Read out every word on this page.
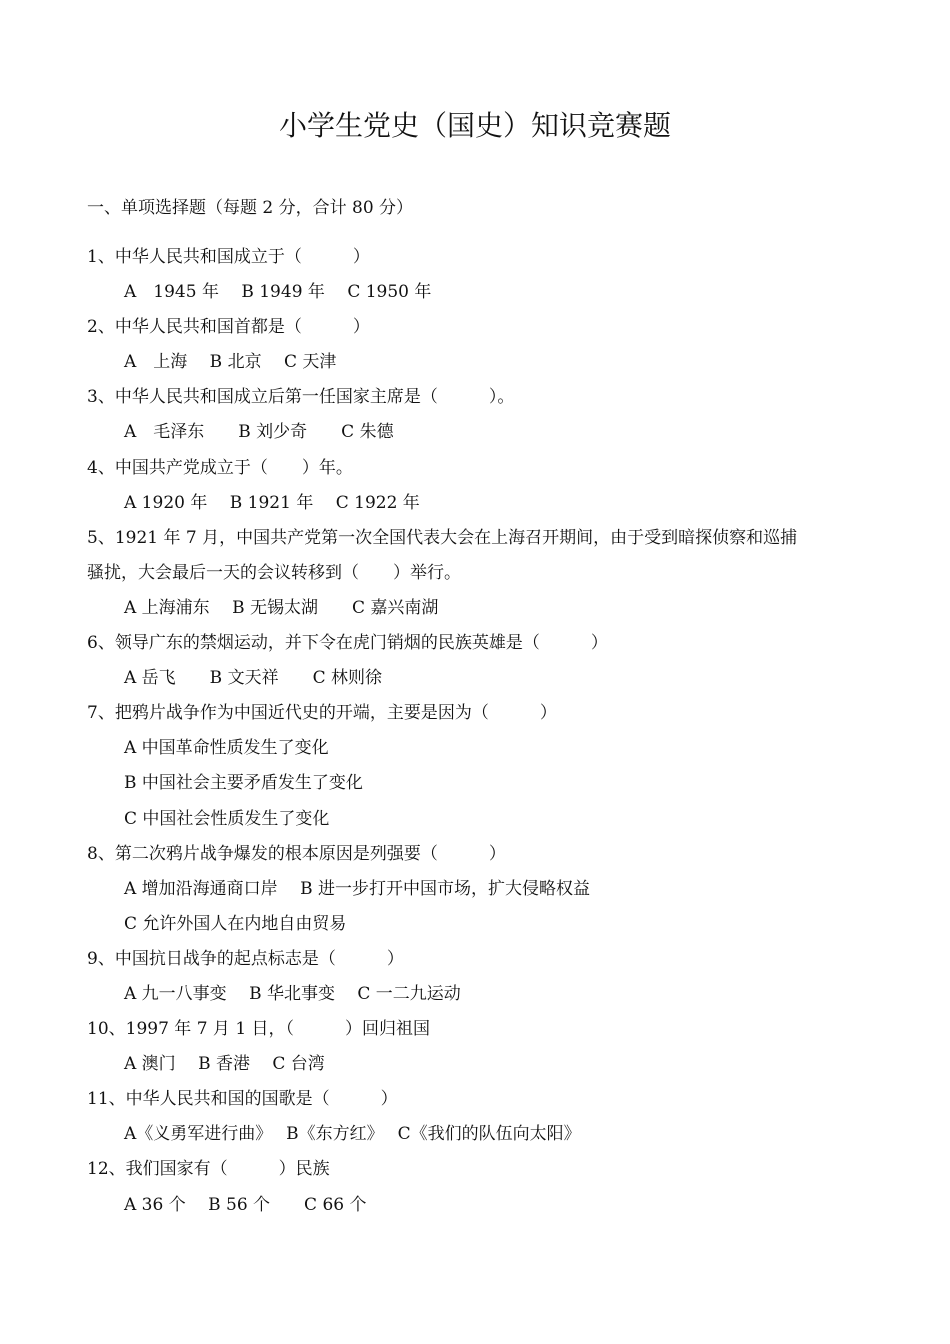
小学生党史（国史）知识竞赛题
一、单项选择题（每题 2 分，合计 80 分）
1、中华人民共和国成立于（　　　）
A　1945 年　 B 1949 年　 C 1950 年
2、中华人民共和国首都是（　　　）
A　上海　 B 北京　 C 天津
3、中华人民共和国成立后第一任国家主席是（　　　）。
A　毛泽东　　B 刘少奇　　C 朱德
4、中国共产党成立于（　　）年。
A 1920 年　 B 1921 年　 C 1922 年
5、1921 年 7 月，中国共产党第一次全国代表大会在上海召开期间，由于受到暗探侦察和巡捕
骚扰，大会最后一天的会议转移到（　　）举行。
A 上海浦东　 B 无锡太湖　　C 嘉兴南湖
6、领导广东的禁烟运动，并下令在虎门销烟的民族英雄是（　　　）
A 岳飞　　B 文天祥　　C 林则徐
7、把鸦片战争作为中国近代史的开端，主要是因为（　　　）
A 中国革命性质发生了变化
B 中国社会主要矛盾发生了变化
C 中国社会性质发生了变化
8、第二次鸦片战争爆发的根本原因是列强要（　　　）
A 增加沿海通商口岸　 B 进一步打开中国市场，扩大侵略权益
C 允许外国人在内地自由贸易
9、中国抗日战争的起点标志是（　　　）
A 九一八事变　 B 华北事变　 C 一二九运动
10、1997 年 7 月 1 日，（　　　）回归祖国
A 澳门　 B 香港　 C 台湾
11、中华人民共和国的国歌是（　　　）
A《义勇军进行曲》　 B《东方红》　 C《我们的队伍向太阳》
12、我们国家有（　　　）民族
A 36 个　 B 56 个　　C 66 个
